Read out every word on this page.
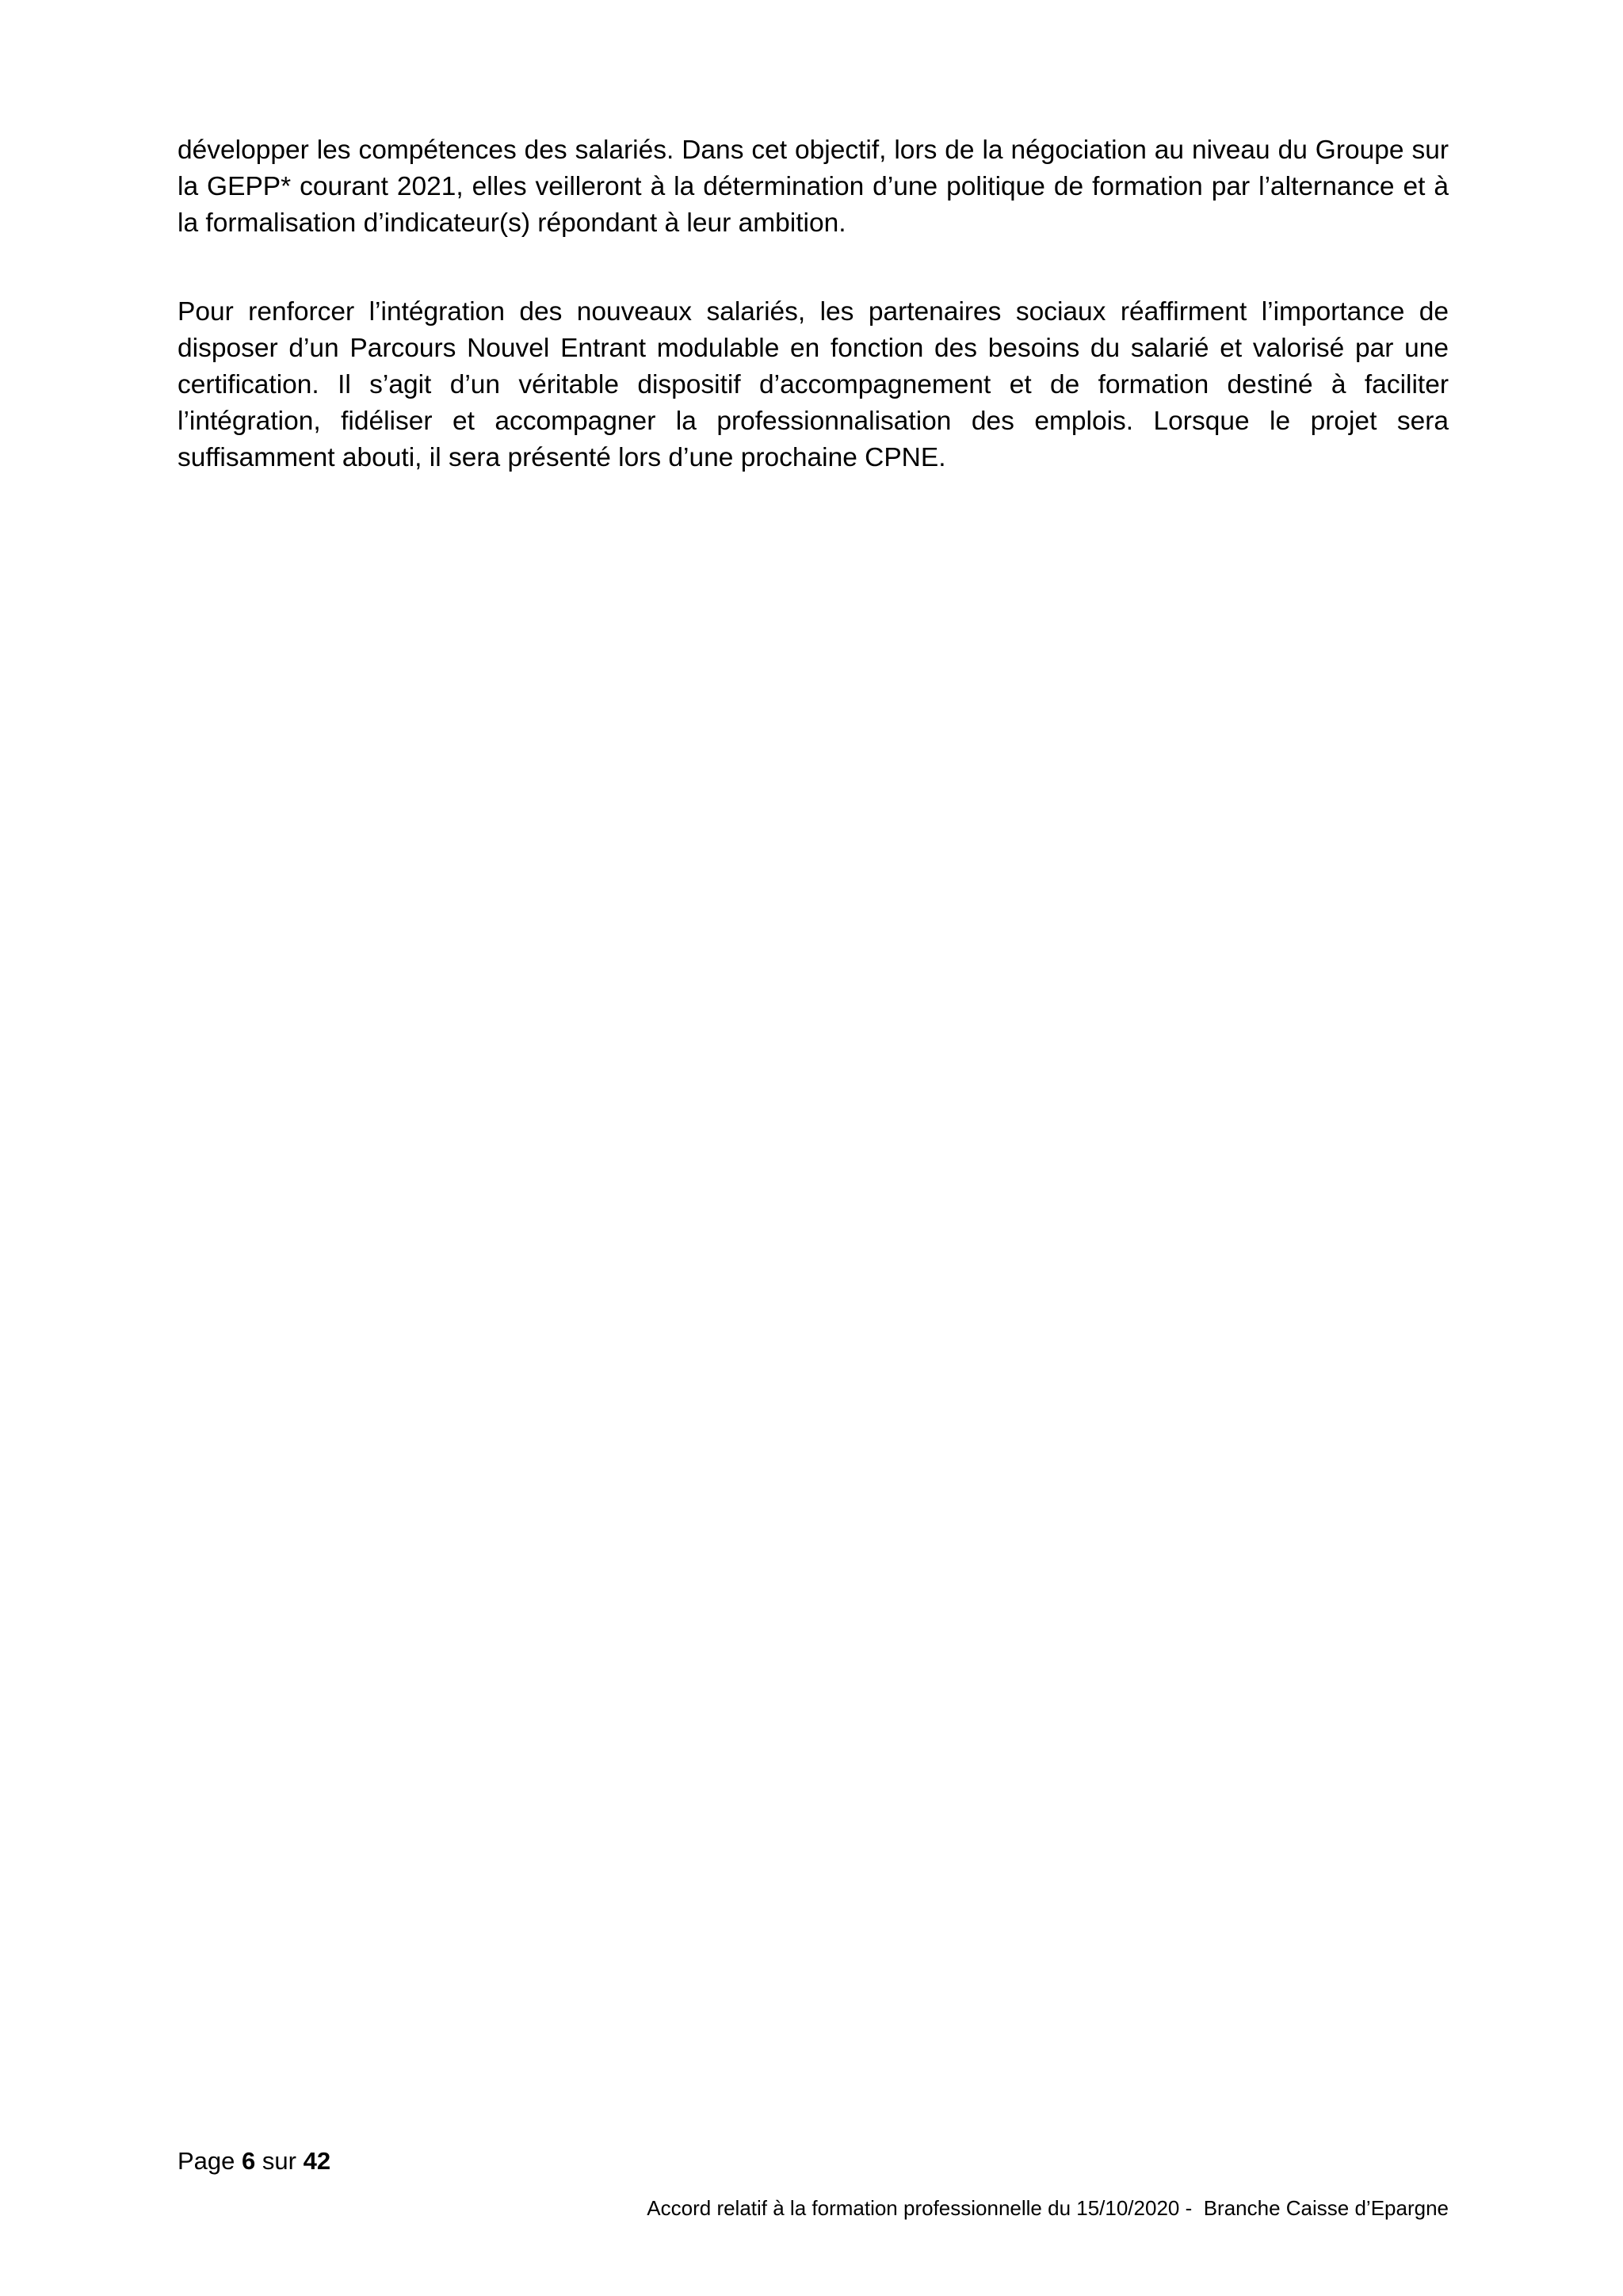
développer les compétences des salariés. Dans cet objectif, lors de la négociation au niveau du Groupe sur la GEPP* courant 2021, elles veilleront à la détermination d’une politique de formation par l’alternance et à la formalisation d’indicateur(s) répondant à leur ambition.

Pour renforcer l’intégration des nouveaux salariés, les partenaires sociaux réaffirment l’importance de disposer d’un Parcours Nouvel Entrant modulable en fonction des besoins du salarié et valorisé par une certification. Il s’agit d’un véritable dispositif d’accompagnement et de formation destiné à faciliter l’intégration, fidéliser et accompagner la professionnalisation des emplois. Lorsque le projet sera suffisamment abouti, il sera présenté lors d’une prochaine CPNE.

Page 6 sur 42

Accord relatif à la formation professionnelle du 15/10/2020 -  Branche Caisse d’Epargne
